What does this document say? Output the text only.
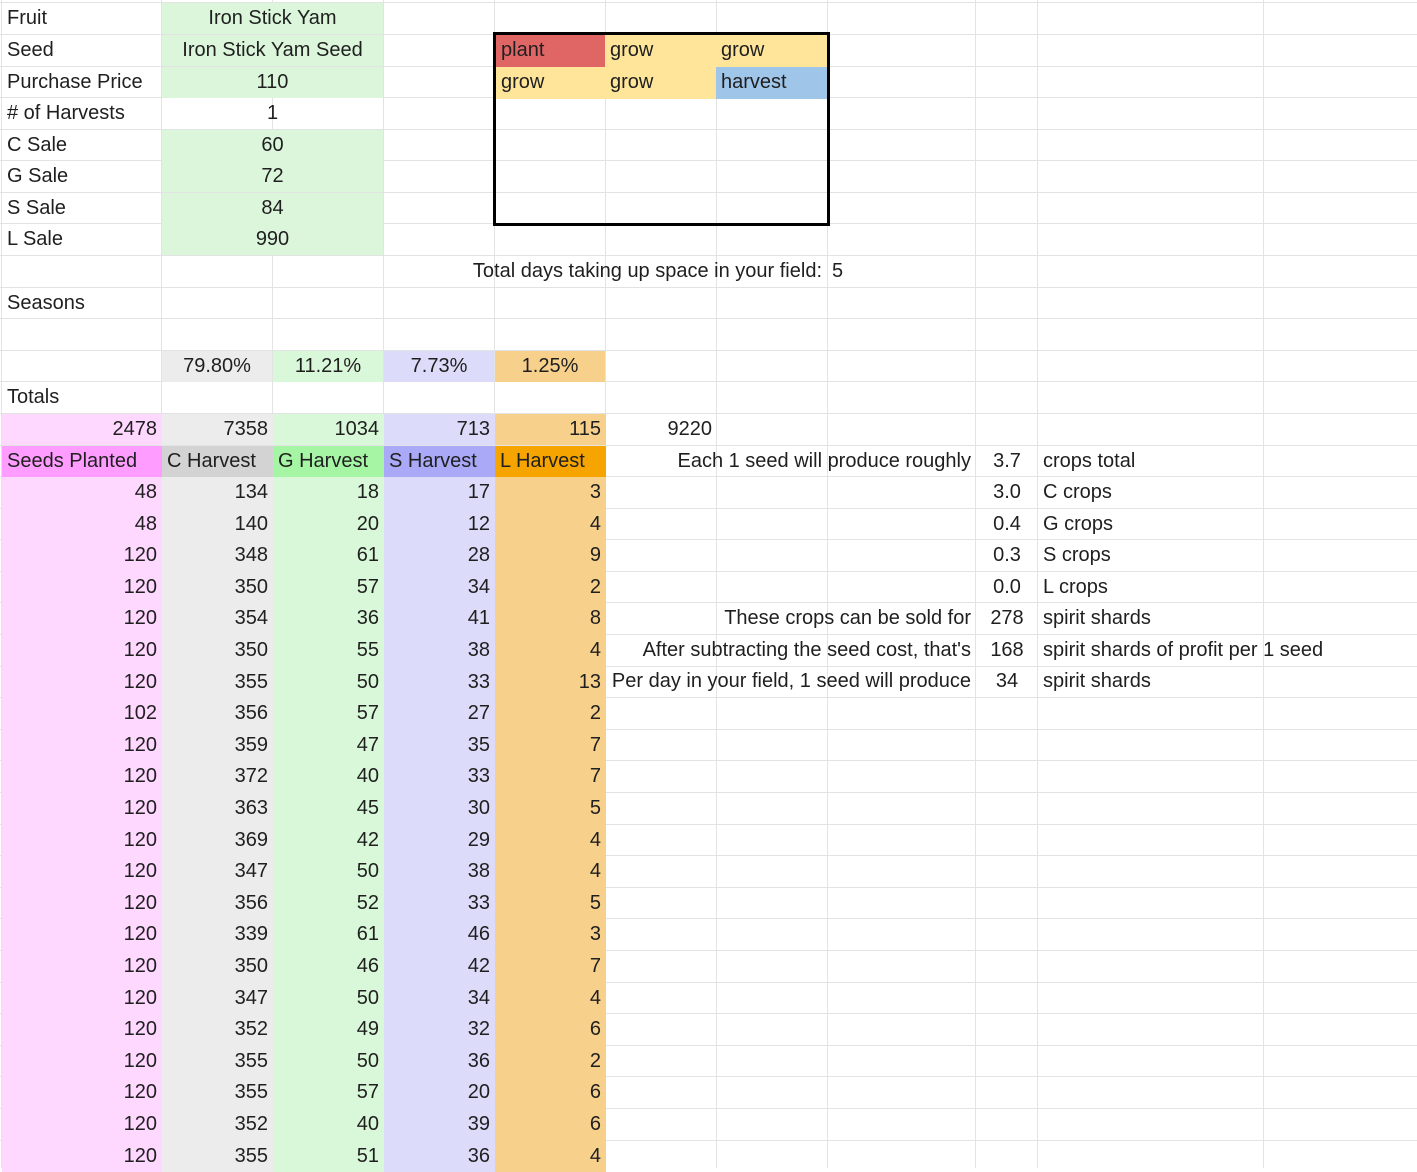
Fruit	Iron Stick Yam
Seed	Iron Stick Yam Seed
Purchase Price	110
# of Harvests	1
C Sale	60
G Sale	72
S Sale	84
L Sale	990
plant	grow	grow
grow	grow	harvest
Total days taking up space in your field: 5
Seasons
79.80%	11.21%	7.73%	1.25%
Totals
2478	7358	1034	713	115	9220
Seeds Planted	C Harvest	G Harvest	S Harvest	L Harvest
48	134	18	17	3
48	140	20	12	4
120	348	61	28	9
120	350	57	34	2
120	354	36	41	8
120	350	55	38	4
120	355	50	33	13
102	356	57	27	2
120	359	47	35	7
120	372	40	33	7
120	363	45	30	5
120	369	42	29	4
120	347	50	38	4
120	356	52	33	5
120	339	61	46	3
120	350	46	42	7
120	347	50	34	4
120	352	49	32	6
120	355	50	36	2
120	355	57	20	6
120	352	40	39	6
120	355	51	36	4
Each 1 seed will produce roughly	3.7	crops total
3.0	C crops
0.4	G crops
0.3	S crops
0.0	L crops
These crops can be sold for 278 spirit shards
After subtracting the seed cost, that's 168 spirit shards of profit per 1 seed
Per day in your field, 1 seed will produce	34	spirit shards
